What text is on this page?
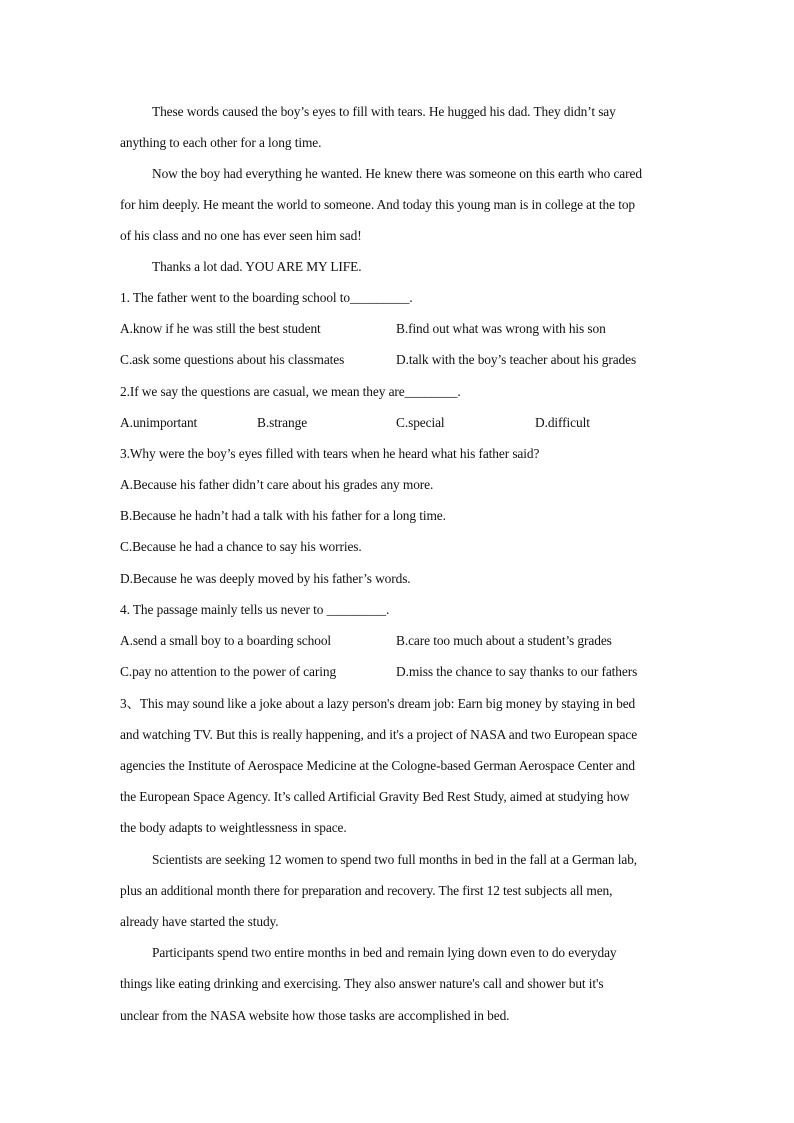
These words caused the boy’s eyes to fill with tears. He hugged his dad. They didn’t say
anything to each other for a long time.
Now the boy had everything he wanted. He knew there was someone on this earth who cared
for him deeply. He meant the world to someone. And today this young man is in college at the top
of his class and no one has ever seen him sad!
Thanks a lot dad. YOU ARE MY LIFE.
1. The father went to the boarding school to_________.
A.know if he was still the best student	B.find out what was wrong with his son
C.ask some questions about his classmates	D.talk with the boy’s teacher about his grades
2.If we say the questions are casual, we mean they are________.
A.unimportant	B.strange	C.special	D.difficult
3.Why were the boy’s eyes filled with tears when he heard what his father said?
A.Because his father didn’t care about his grades any more.
B.Because he hadn’t had a talk with his father for a long time.
C.Because he had a chance to say his worries.
D.Because he was deeply moved by his father’s words.
4. The passage mainly tells us never to _________.
A.send a small boy to a boarding school	B.care too much about a student’s grades
C.pay no attention to the power of caring	D.miss the chance to say thanks to our fathers
3、This may sound like a joke about a lazy person's dream job: Earn big money by staying in bed
and watching TV. But this is really happening, and it's a project of NASA and two European space
agencies the Institute of Aerospace Medicine at the Cologne-based German Aerospace Center and
the European Space Agency. It’s called Artificial Gravity Bed Rest Study, aimed at studying how
the body adapts to weightlessness in space.
Scientists are seeking 12 women to spend two full months in bed in the fall at a German lab,
plus an additional month there for preparation and recovery. The first 12 test subjects all men,
already have started the study.
Participants spend two entire months in bed and remain lying down even to do everyday
things like eating drinking and exercising. They also answer nature's call and shower but it's
unclear from the NASA website how those tasks are accomplished in bed.
